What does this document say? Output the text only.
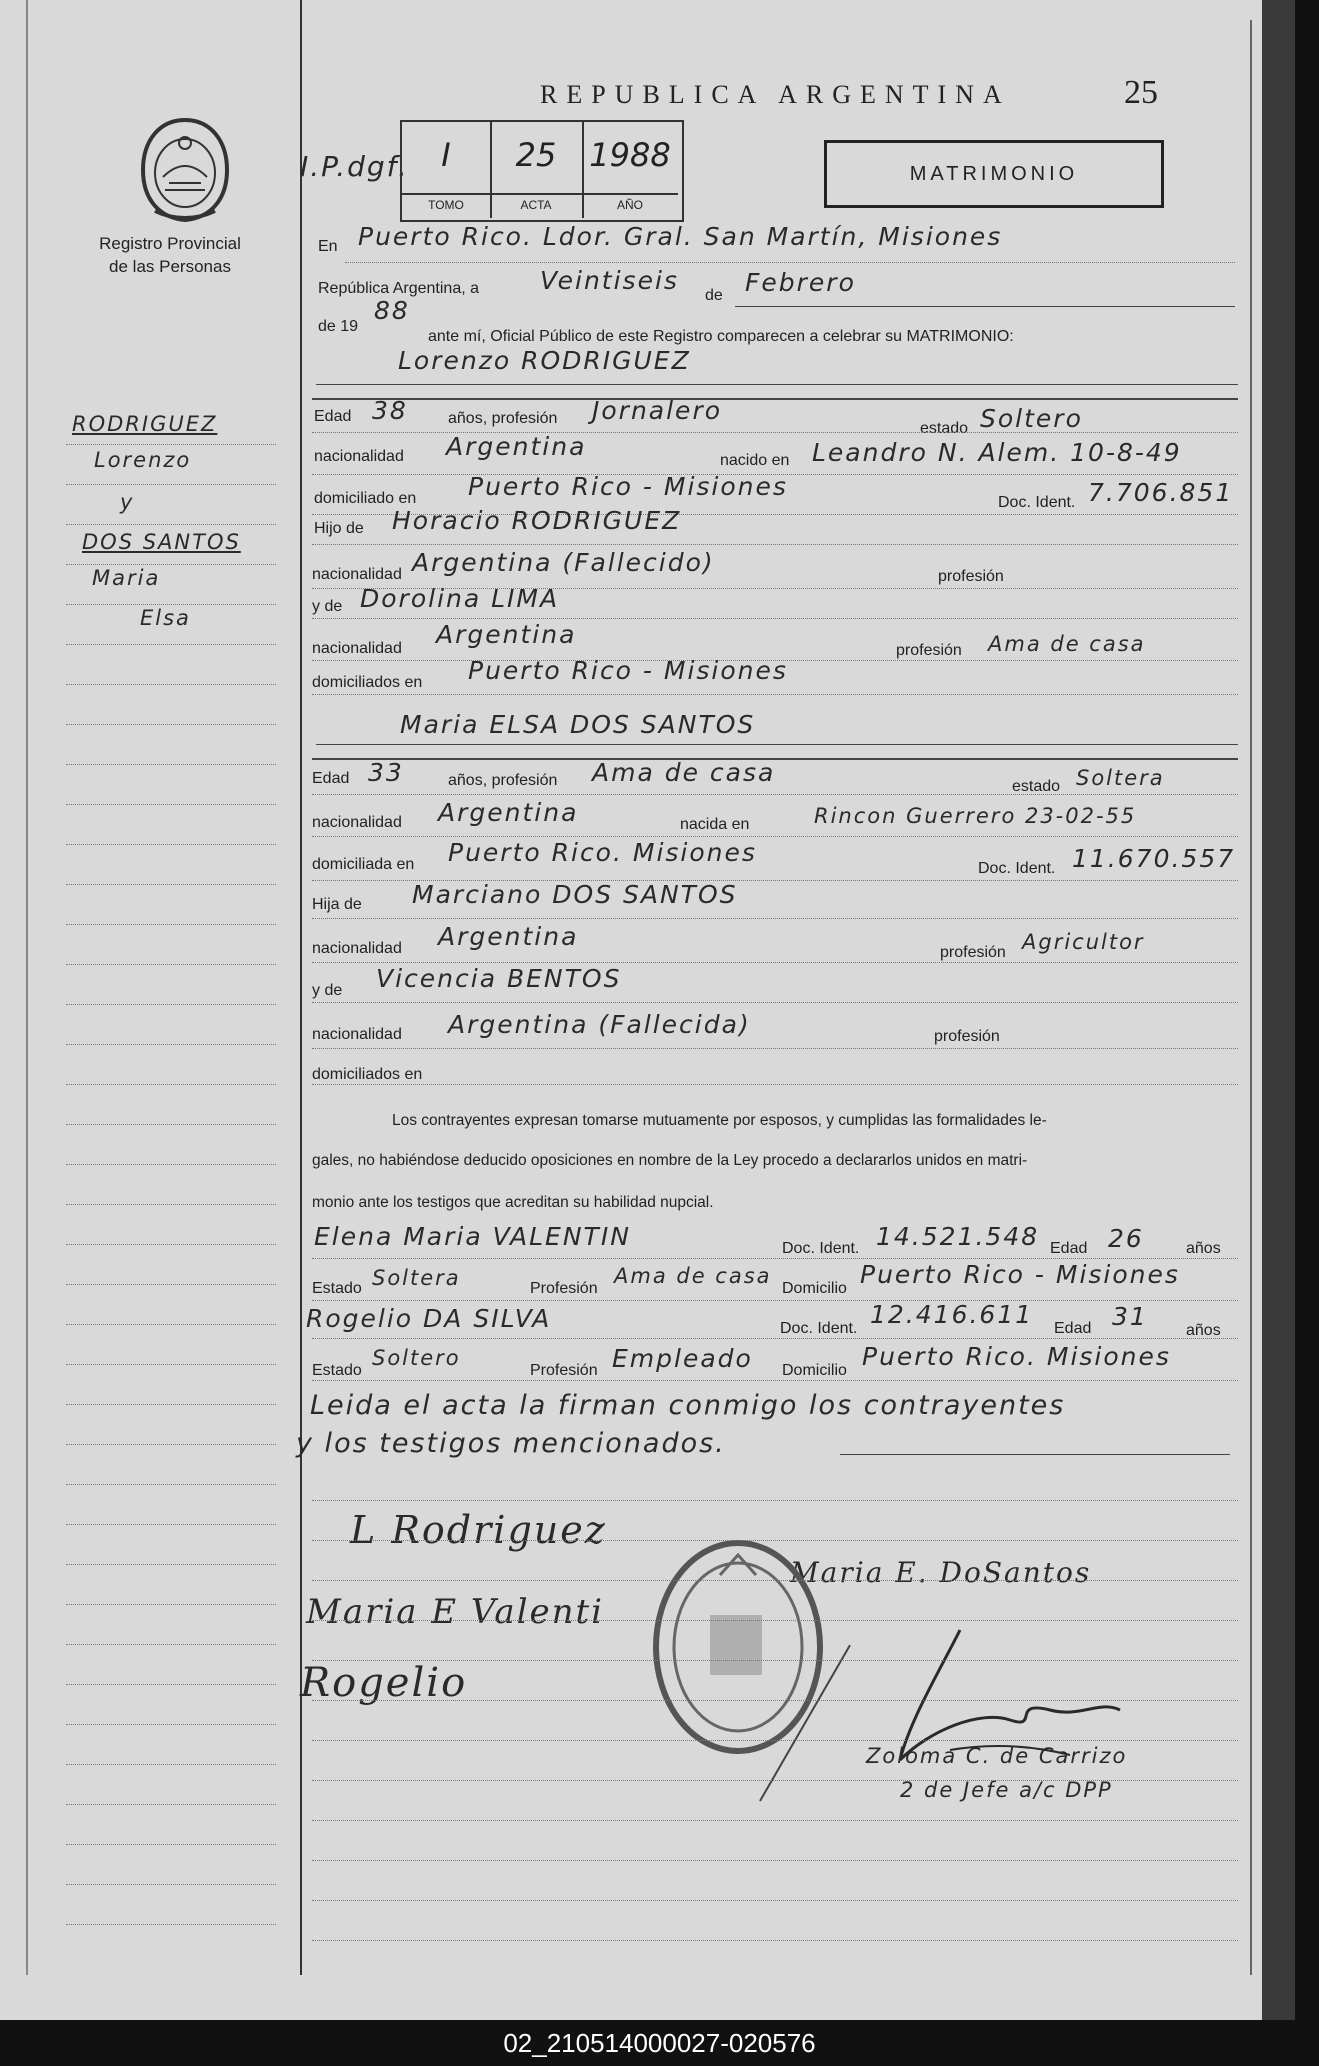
REPUBLICA ARGENTINA	25
Registro Provincial
de las Personas
I.P.dgf.	I
TOMO
25
ACTA
1988
AÑO
MATRIMONIO
RODRIGUEZ
Lorenzo
y
DOS SANTOS
Maria
Elsa
En Puerto Rico. Ldor. Gral. San Martín, Misiones
República Argentina, a Veintiseis
de Febrero
de 19
88
ante mí, Oficial Público de este Registro comparecen a celebrar su MATRIMONIO:
Lorenzo RODRIGUEZ
Edad 38	años, profesión Jornalero
estado Soltero
nacionalidad Argentina	nacido en Leandro N. Alem. 10-8-49
domiciliado en Puerto Rico - Misiones
Doc. Ident. 7.706.851
Hijo de Horacio RODRIGUEZ
nacionalidad Argentina (Fallecido)	profesión
y de Dorolina LIMA
nacionalidad Argentina
profesión Ama de casa
domiciliados en Puerto Rico - Misiones
Maria ELSA DOS SANTOS
Edad 33	años, profesión Ama de casa	estado Soltera
nacionalidad Argentina	nacida en	Rincon Guerrero 23-02-55
domiciliada en Puerto Rico. Misiones
Doc. Ident. 11.670.557
Hija de Marciano DOS SANTOS
nacionalidad Argentina
profesión Agricultor
y de Vicencia BENTOS
nacionalidad Argentina (Fallecida)	profesión
domiciliados en
Los contrayentes expresan tomarse mutuamente por esposos, y cumplidas las formalidades le-
gales, no habiéndose deducido oposiciones en nombre de la Ley procedo a declararlos unidos en matri-
monio ante los testigos que acreditan su habilidad nupcial.
Elena Maria VALENTIN	Doc. Ident. 14.521.548 Edad 26	años
Estado Soltera	Profesión
Ama de casa
Domicilio Puerto Rico - Misiones
Rogelio DA SILVA	Doc. Ident. 12.416.611 Edad 31 años
Estado
Soltero
Profesión Empleado Domicilio Puerto Rico. Misiones
Leida el acta la firman conmigo los contrayentes
y los testigos mencionados.
L Rodriguez
Maria E Valenti
Rogelio
Maria E. DoSantos
Zoloma C. de Carrizo
2 de Jefe a/c DPP
02_210514000027-020576
